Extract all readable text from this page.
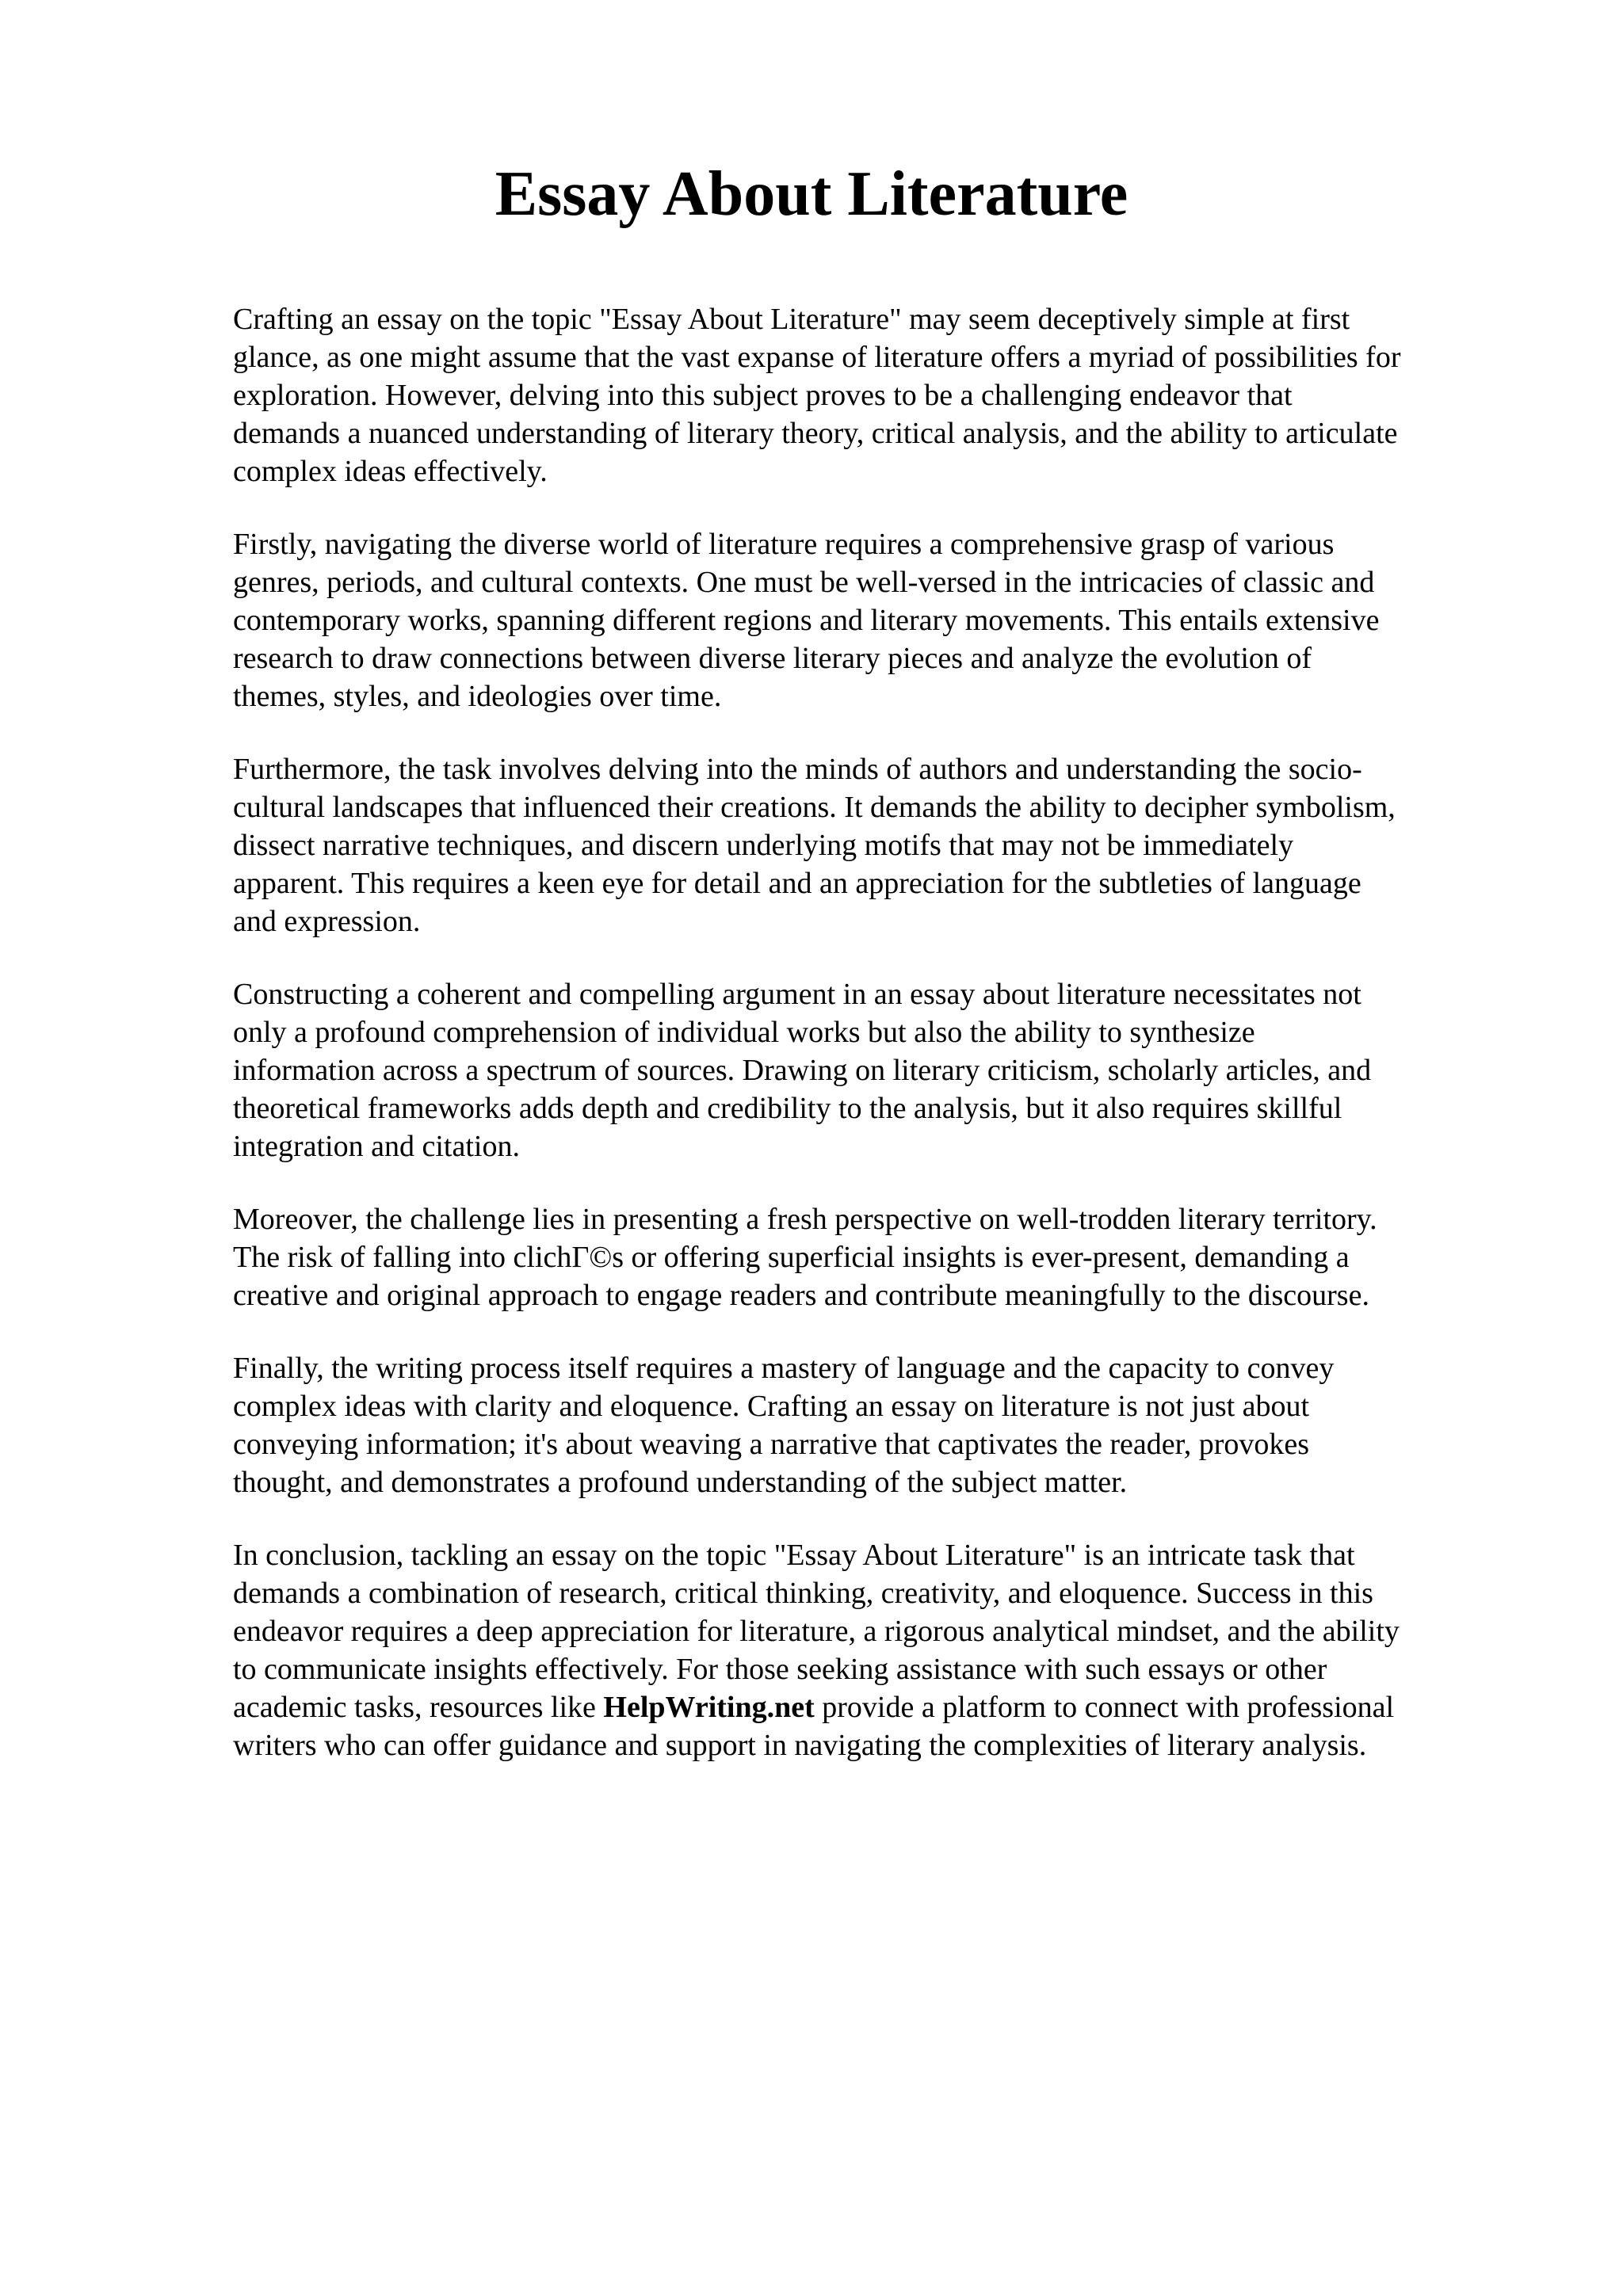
Essay About Literature

Crafting an essay on the topic "Essay About Literature" may seem deceptively simple at first
glance, as one might assume that the vast expanse of literature offers a myriad of possibilities for
exploration. However, delving into this subject proves to be a challenging endeavor that
demands a nuanced understanding of literary theory, critical analysis, and the ability to articulate
complex ideas effectively.

Firstly, navigating the diverse world of literature requires a comprehensive grasp of various
genres, periods, and cultural contexts. One must be well-versed in the intricacies of classic and
contemporary works, spanning different regions and literary movements. This entails extensive
research to draw connections between diverse literary pieces and analyze the evolution of
themes, styles, and ideologies over time.

Furthermore, the task involves delving into the minds of authors and understanding the socio-
cultural landscapes that influenced their creations. It demands the ability to decipher symbolism,
dissect narrative techniques, and discern underlying motifs that may not be immediately
apparent. This requires a keen eye for detail and an appreciation for the subtleties of language
and expression.

Constructing a coherent and compelling argument in an essay about literature necessitates not
only a profound comprehension of individual works but also the ability to synthesize
information across a spectrum of sources. Drawing on literary criticism, scholarly articles, and
theoretical frameworks adds depth and credibility to the analysis, but it also requires skillful
integration and citation.

Moreover, the challenge lies in presenting a fresh perspective on well-trodden literary territory.
The risk of falling into clichΓ©s or offering superficial insights is ever-present, demanding a
creative and original approach to engage readers and contribute meaningfully to the discourse.

Finally, the writing process itself requires a mastery of language and the capacity to convey
complex ideas with clarity and eloquence. Crafting an essay on literature is not just about
conveying information; it's about weaving a narrative that captivates the reader, provokes
thought, and demonstrates a profound understanding of the subject matter.

In conclusion, tackling an essay on the topic "Essay About Literature" is an intricate task that
demands a combination of research, critical thinking, creativity, and eloquence. Success in this
endeavor requires a deep appreciation for literature, a rigorous analytical mindset, and the ability
to communicate insights effectively. For those seeking assistance with such essays or other
academic tasks, resources like HelpWriting.net provide a platform to connect with professional
writers who can offer guidance and support in navigating the complexities of literary analysis.
